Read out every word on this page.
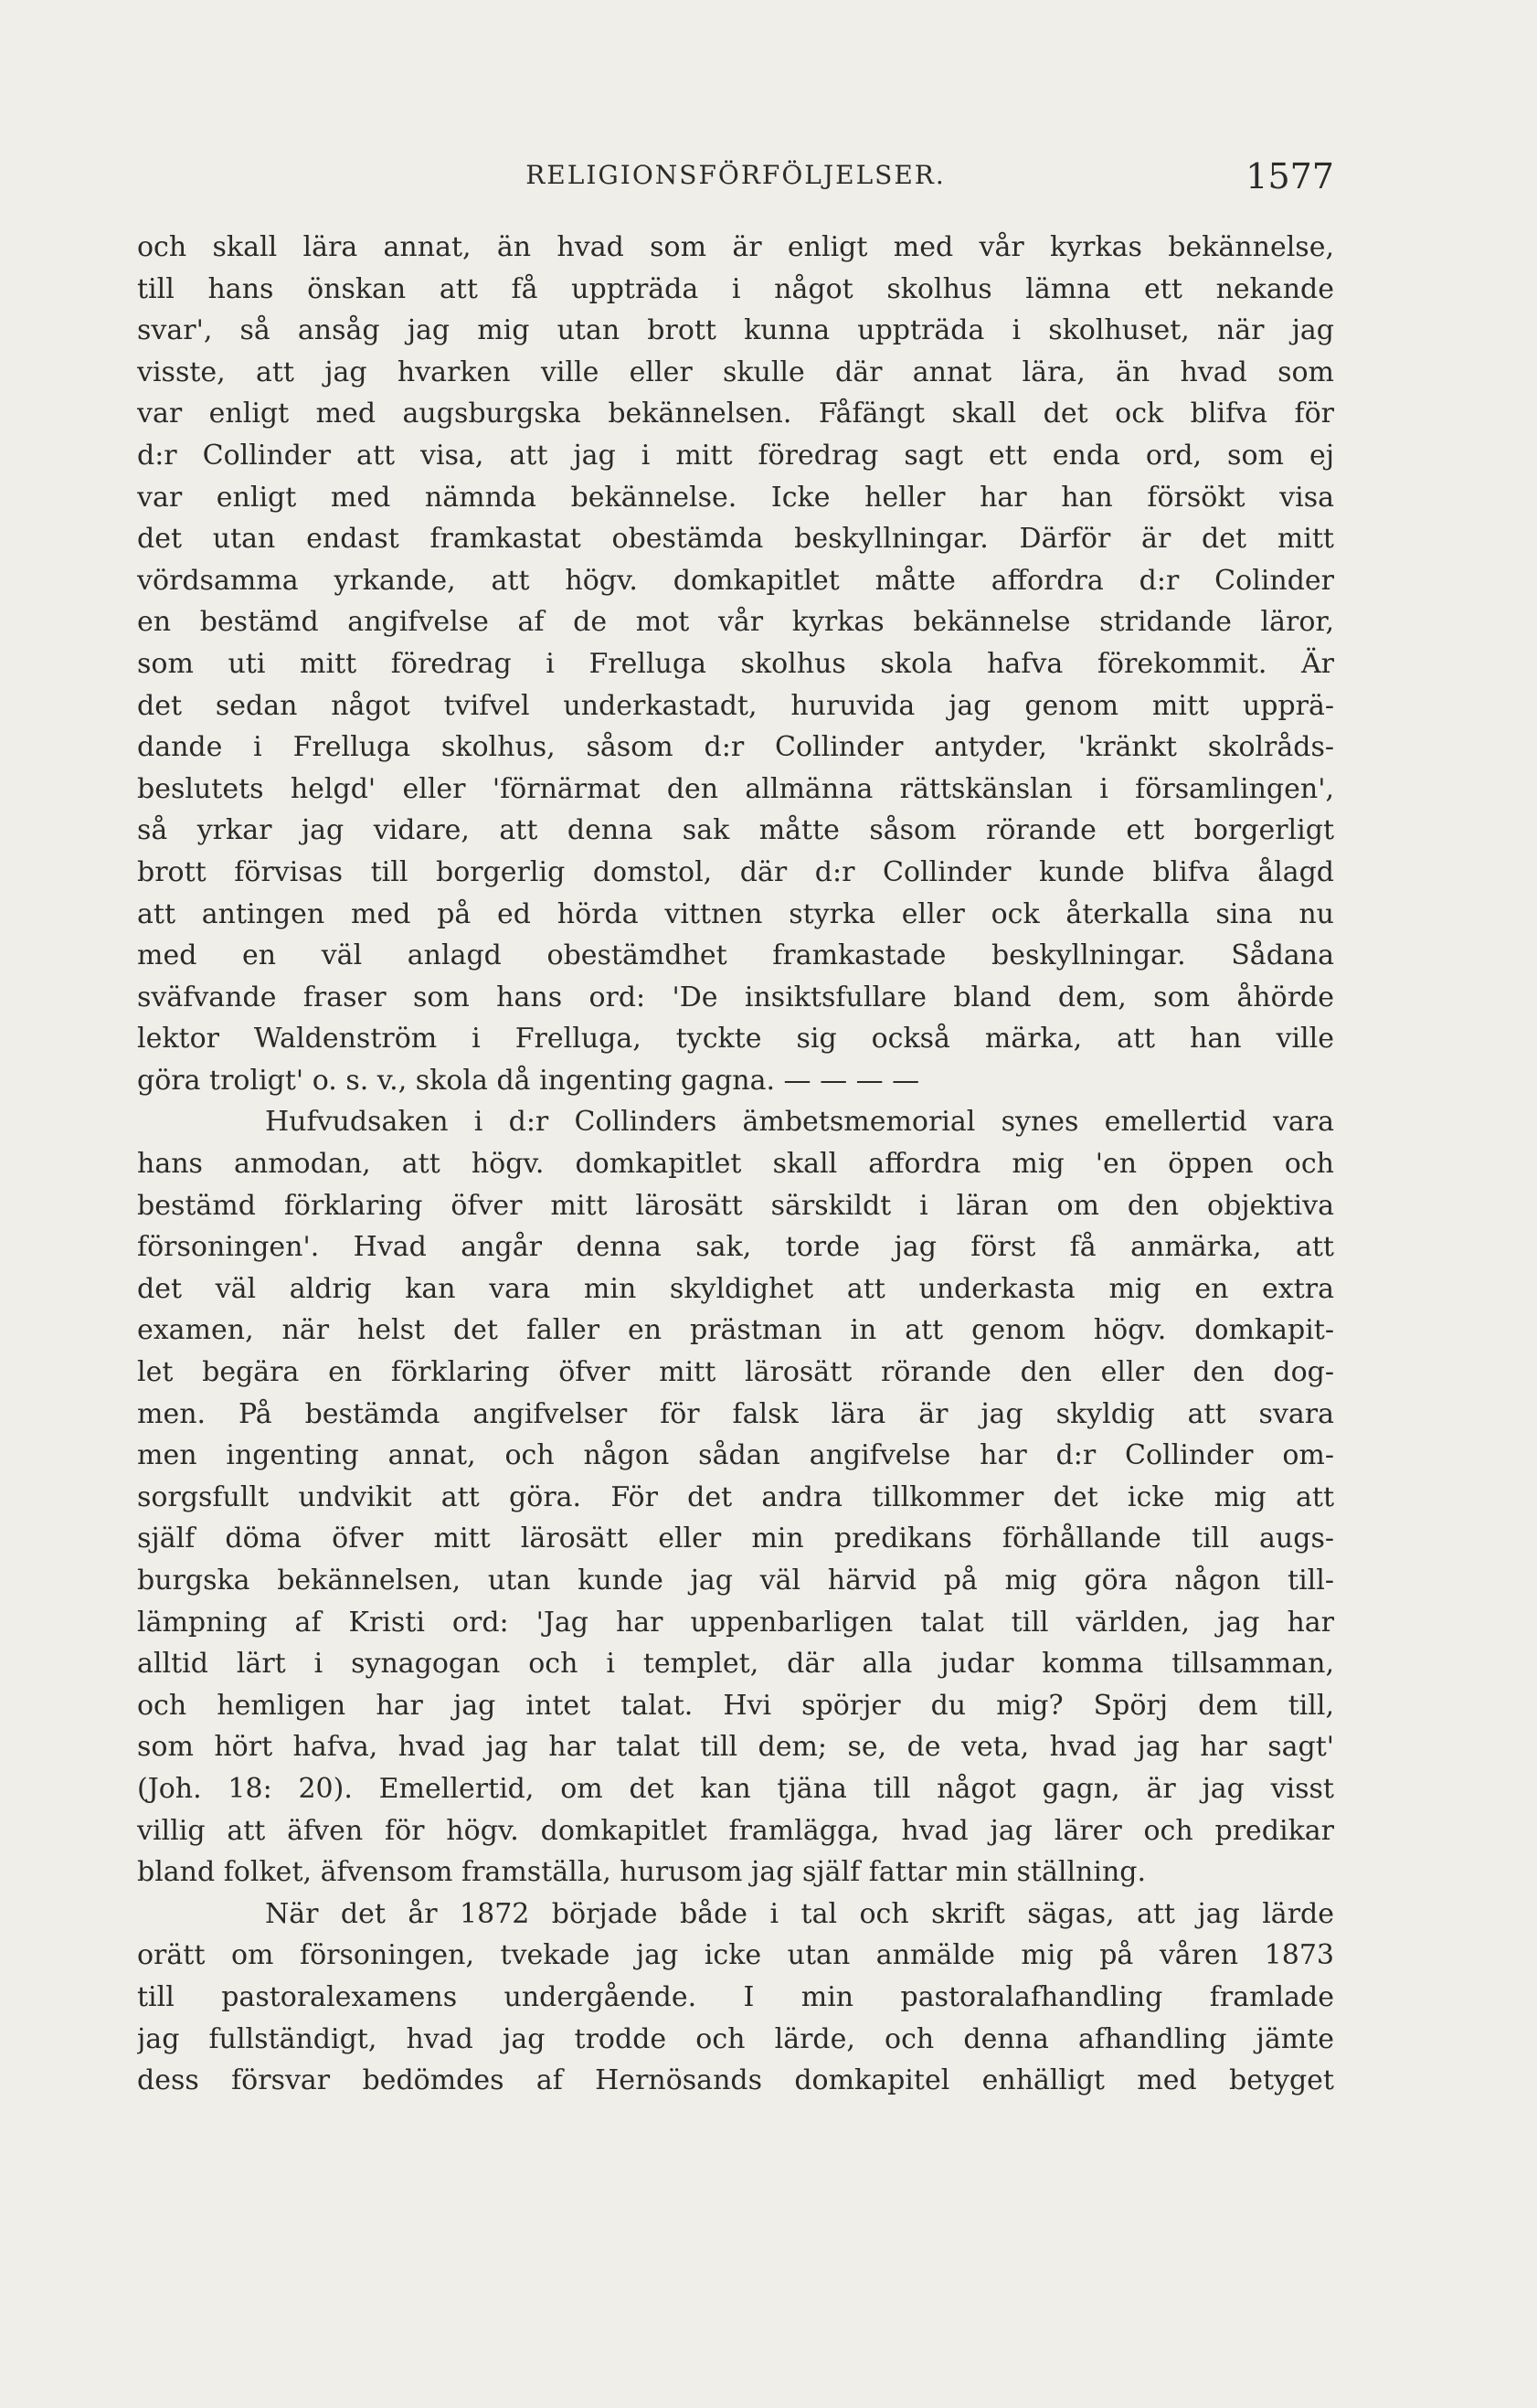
RELIGIONSFÖRFÖLJELSER.	1577
och skall lära annat, än hvad som är enligt med vår kyrkas bekännelse,
till hans önskan att få uppträda i något skolhus lämna ett nekande
svar', så ansåg jag mig utan brott kunna uppträda i skolhuset, när jag
visste, att jag hvarken ville eller skulle där annat lära, än hvad som
var enligt med augsburgska bekännelsen. Fåfängt skall det ock blifva för
d:r Collinder att visa, att jag i mitt föredrag sagt ett enda ord, som ej
var enligt med nämnda bekännelse. Icke heller har han försökt visa
det utan endast framkastat obestämda beskyllningar. Därför är det mitt
vördsamma yrkande, att högv. domkapitlet måtte affordra d:r Colinder
en bestämd angifvelse af de mot vår kyrkas bekännelse stridande läror,
som uti mitt föredrag i Frelluga skolhus skola hafva förekommit. Är
det sedan något tvifvel underkastadt, huruvida jag genom mitt upprä-
dande i Frelluga skolhus, såsom d:r Collinder antyder, 'kränkt skolråds-
beslutets helgd' eller 'förnärmat den allmänna rättskänslan i församlingen',
så yrkar jag vidare, att denna sak måtte såsom rörande ett borgerligt
brott förvisas till borgerlig domstol, där d:r Collinder kunde blifva ålagd
att antingen med på ed hörda vittnen styrka eller ock återkalla sina nu
med en väl anlagd obestämdhet framkastade beskyllningar. Sådana
sväfvande fraser som hans ord: 'De insiktsfullare bland dem, som åhörde
lektor Waldenström i Frelluga, tyckte sig också märka, att han ville
göra troligt' o. s. v., skola då ingenting gagna. — — — —
Hufvudsaken i d:r Collinders ämbetsmemorial synes emellertid vara
hans anmodan, att högv. domkapitlet skall affordra mig 'en öppen och
bestämd förklaring öfver mitt lärosätt särskildt i läran om den objektiva
försoningen'. Hvad angår denna sak, torde jag först få anmärka, att
det väl aldrig kan vara min skyldighet att underkasta mig en extra
examen, när helst det faller en prästman in att genom högv. domkapit-
let begära en förklaring öfver mitt lärosätt rörande den eller den dog-
men. På bestämda angifvelser för falsk lära är jag skyldig att svara
men ingenting annat, och någon sådan angifvelse har d:r Collinder om-
sorgsfullt undvikit att göra. För det andra tillkommer det icke mig att
själf döma öfver mitt lärosätt eller min predikans förhållande till augs-
burgska bekännelsen, utan kunde jag väl härvid på mig göra någon till-
lämpning af Kristi ord: 'Jag har uppenbarligen talat till världen, jag har
alltid lärt i synagogan och i templet, där alla judar komma tillsamman,
och hemligen har jag intet talat. Hvi spörjer du mig? Spörj dem till,
som hört hafva, hvad jag har talat till dem; se, de veta, hvad jag har sagt'
(Joh. 18: 20). Emellertid, om det kan tjäna till något gagn, är jag visst
villig att äfven för högv. domkapitlet framlägga, hvad jag lärer och predikar
bland folket, äfvensom framställa, hurusom jag själf fattar min ställning.
När det år 1872 började både i tal och skrift sägas, att jag lärde
orätt om försoningen, tvekade jag icke utan anmälde mig på våren 1873
till pastoralexamens undergående. I min pastoralafhandling framlade
jag fullständigt, hvad jag trodde och lärde, och denna afhandling jämte
dess försvar bedömdes af Hernösands domkapitel enhälligt med betyget
